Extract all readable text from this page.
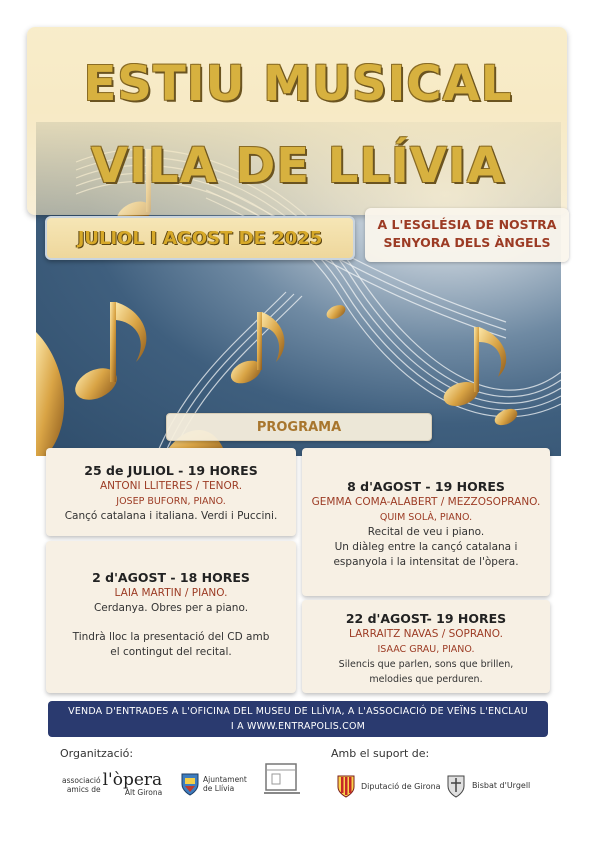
ESTIU MUSICAL
VILA DE LLÍVIA
JULIOL I AGOST DE 2025
A L'ESGLÉSIA DE NOSTRA
SENYORA DELS ÀNGELS
PROGRAMA
25 de JULIOL - 19 HORES
ANTONI LLITERES / TENOR.
JOSEP BUFORN, PIANO.
Cançó catalana i italiana. Verdi i Puccini.
2 d'AGOST - 18 HORES
LAIA MARTIN / PIANO.
Cerdanya. Obres per a piano.
Tindrà lloc la presentació del CD amb
el contingut del recital.
8 d'AGOST - 19 HORES
GEMMA COMA-ALABERT / MEZZOSOPRANO.
QUIM SOLÀ, PIANO.
Recital de veu i piano.
Un diàleg entre la cançó catalana i
espanyola i la intensitat de l'òpera.
22 d'AGOST- 19 HORES
LARRAITZ NAVAS / SOPRANO.
ISAAC GRAU, PIANO.
Silencis que parlen, sons que brillen,
melodies que perduren.
VENDA D'ENTRADES A L'OFICINA DEL MUSEU DE LLÍVIA, A L'ASSOCIACIÓ DE VEÏNS L'ENCLAU
I A WWW.ENTRAPOLIS.COM
Organització:	Amb el suport de:
associació
amics de l'òpera
Alt Girona
Ajuntament
de Llívia	Diputació de Girona	Bisbat d'Urgell
